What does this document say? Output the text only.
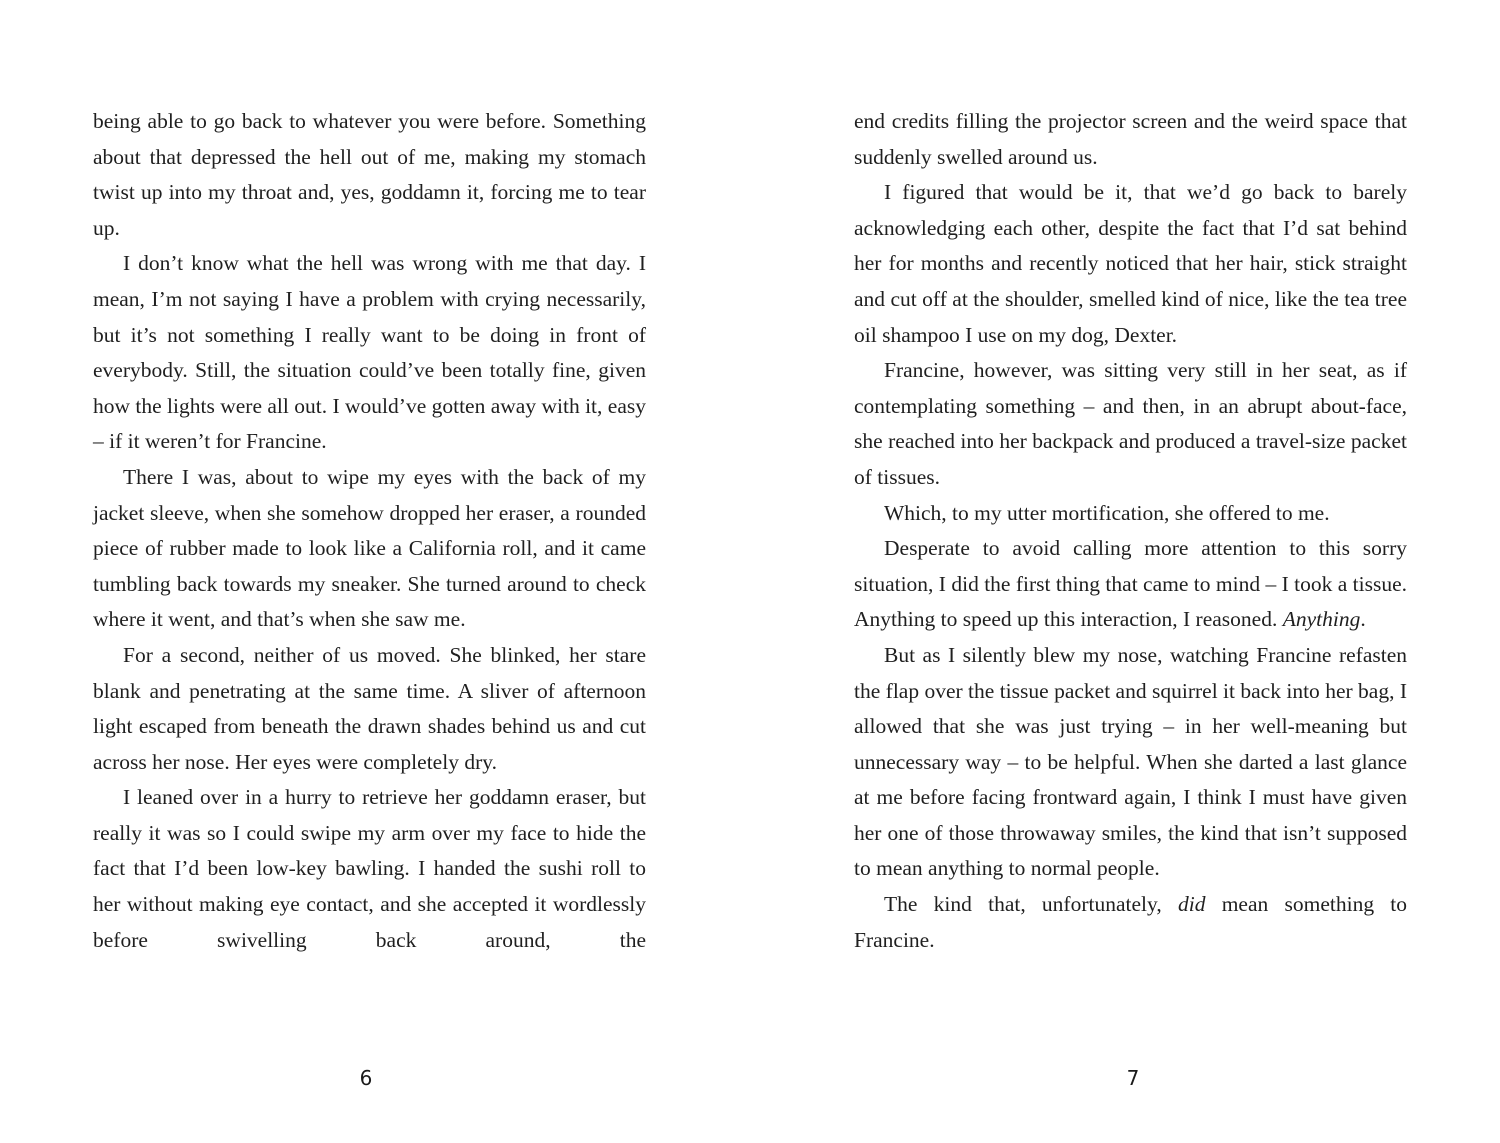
being able to go back to whatever you were before. Something about that depressed the hell out of me, making my stomach twist up into my throat and, yes, goddamn it, forcing me to tear up.

I don’t know what the hell was wrong with me that day. I mean, I’m not saying I have a problem with crying necessarily, but it’s not something I really want to be doing in front of everybody. Still, the situation could’ve been totally fine, given how the lights were all out. I would’ve gotten away with it, easy – if it weren’t for Francine.

There I was, about to wipe my eyes with the back of my jacket sleeve, when she somehow dropped her eraser, a rounded piece of rubber made to look like a California roll, and it came tumbling back towards my sneaker. She turned around to check where it went, and that’s when she saw me.

For a second, neither of us moved. She blinked, her stare blank and penetrating at the same time. A sliver of afternoon light escaped from beneath the drawn shades behind us and cut across her nose. Her eyes were completely dry.

I leaned over in a hurry to retrieve her goddamn eraser, but really it was so I could swipe my arm over my face to hide the fact that I’d been low-key bawling. I handed the sushi roll to her without making eye contact, and she accepted it wordlessly before swivelling back around, the

end credits filling the projector screen and the weird space that suddenly swelled around us.

I figured that would be it, that we’d go back to barely acknowledging each other, despite the fact that I’d sat behind her for months and recently noticed that her hair, stick straight and cut off at the shoulder, smelled kind of nice, like the tea tree oil shampoo I use on my dog, Dexter.

Francine, however, was sitting very still in her seat, as if contemplating something – and then, in an abrupt about-face, she reached into her backpack and produced a travel-size packet of tissues.

Which, to my utter mortification, she offered to me.

Desperate to avoid calling more attention to this sorry situation, I did the first thing that came to mind – I took a tissue. Anything to speed up this interaction, I reasoned. Anything.

But as I silently blew my nose, watching Francine refasten the flap over the tissue packet and squirrel it back into her bag, I allowed that she was just trying – in her well-meaning but unnecessary way – to be helpful. When she darted a last glance at me before facing frontward again, I think I must have given her one of those throwaway smiles, the kind that isn’t supposed to mean anything to normal people.

The kind that, unfortunately, did mean something to Francine.

6	7
